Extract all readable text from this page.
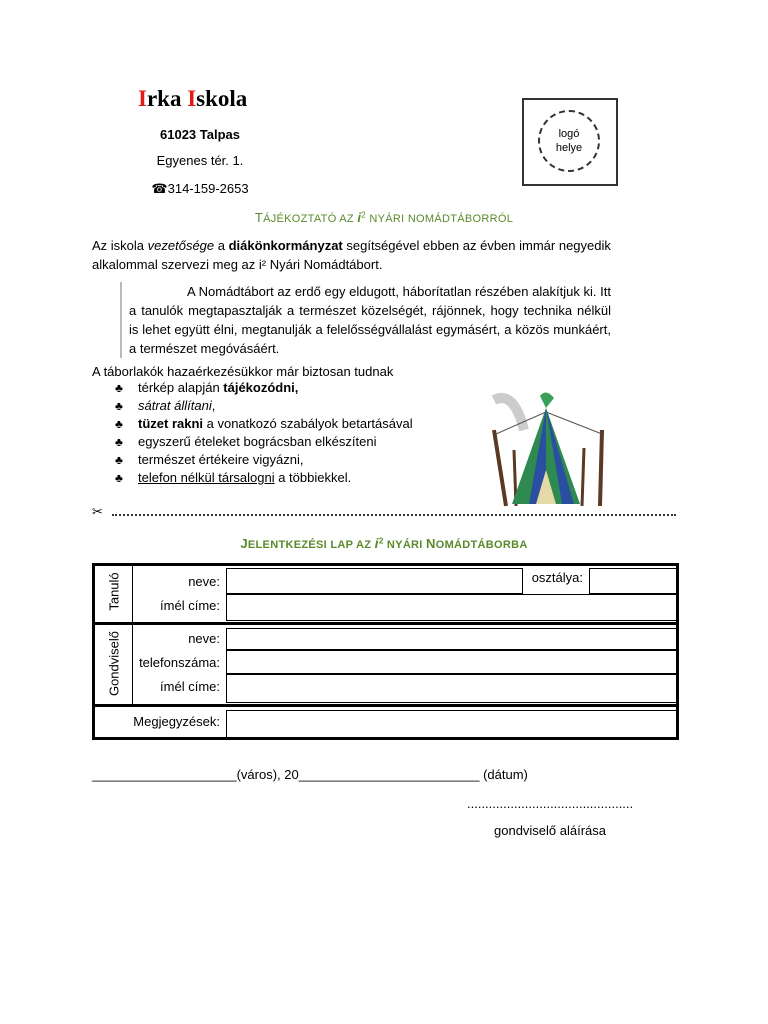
Irka Iskola
61023 Talpas
Egyenes tér. 1.
☎314-159-2653
logó
helye
TÁJÉKOZTATÓ AZ $i^2$ NYÁRI NOMÁDTÁBORRÓL
Az iskola vezetősége a diákönkormányzat segítségével ebben az évben immár negyedik alkalommal szervezi meg az i² Nyári Nomádtábort.
A Nomádtábort az erdő egy eldugott, háborítatlan részében alakítjuk ki. Itt a tanulók megtapasztalják a természet közelségét, rájönnek, hogy technika nélkül is lehet együtt élni, megtanulják a felelősségvállalást egymásért, a közös munkáért, a természet megóvásáért.
A táborlakók hazaérkezésükkor már biztosan tudnak
♣ térkép alapján tájékozódni,
♣ sátrat állítani,
♣ tüzet rakni a vonatkozó szabályok betartásával
♣ egyszerű ételeket bográcsban elkészíteni
♣ természet értékeire vigyázni,
♣ telefon nélkül társalogni a többiekkel.
✂
JELENTKEZÉSI LAP AZ $i^2$ NYÁRI NOMÁDTÁBORBA
Tanuló	neve:	osztálya:
ímél címe:
Gondviselő	neve:
telefonszáma:
ímél címe:
Megjegyzések:
____________________(város), 20_________________________ (dátum)
..............................................
gondviselő aláírása
